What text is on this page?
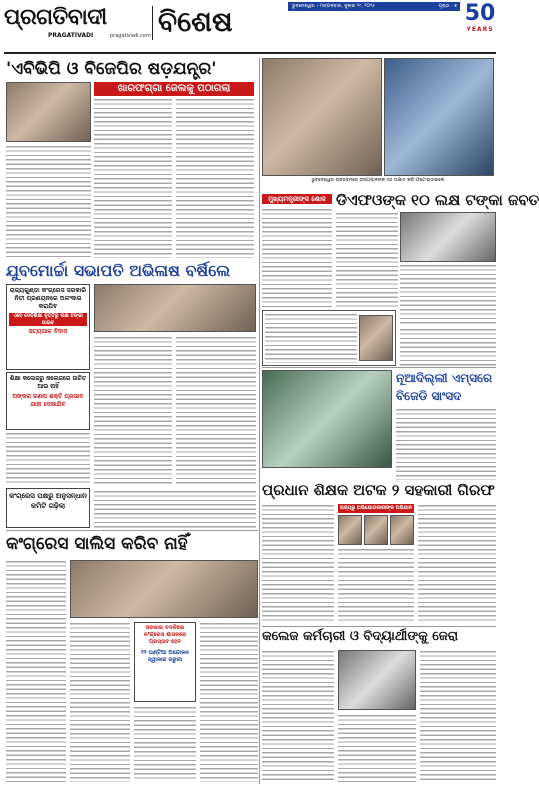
ପ୍ରଗତିବାଦୀ
PRAGATIVADI	pragativadi.com ବିଶେଷ	ଭୁବନେଶ୍ୱର । ମଙ୍ଗଳବାର, ଜୁଲାଇ ୨୯, ୨୦୨୫	ପୃଷ୍ଠା - ୭ 50
YEARS
'ଏବିଭିପି ଓ ବିଜେପିର ଷଡ଼ଯନ୍ତ୍ର'
ଖାରଫଗ୍ଗା ଜେଲକୁ ପଠାଗଲା
ଭୁବନେଶ୍ୱର ରାଜଭବନରେ ରାଜ୍ୟପାଳଙ୍କ ସହ ସାକ୍ଷାତ କରି ଫଟୋଉଠାଇଲେ
ମୁଖ୍ୟମନ୍ତ୍ରୀଙ୍କ ଶୋକ ଡିଏଫଓଙ୍କ ୧୦ ଲକ୍ଷ ଟଙ୍କା ଜବତ
ଯୁବମୋର୍ଚ୍ଚା ସଭାପତି ଅଭିଳାଷ ବର୍ଷିଲେ
ରାଜ୍ୟଗୁଣ୍ଡା କଂଗ୍ରେସ ସରକାରି ନିତୀ ପ୍ରଣୟନରେ ଅଳଂକାର କରାଯିବ
ଏବେ ଦେବିଶିକ୍ଷା ବୃତ୍ତିରୁ ଲକ୍ଷ ଟଙ୍କା ପାଇବ
ସତ୍ୟପାଳ ବିବାଦ
ଶିକ୍ଷା କଲେଜରୁ କଲେଜରେ ଉଚିତ ଆଉ ନାହିଁ
ଅଙ୍କର ଗଣନା ଶକ୍ତି ପ୍ରଭାବ ଯାହା ଦେଖାଯିବ
ନୂଆଦିଲ୍ଲୀ ଏମ୍ସରେ
ବିଜେଡି ସାଂସଦ
କଂଗ୍ରେସ ପକ୍ଷରୁ ଅନୁସନ୍ଧାନ କମିଟି ଗଢ଼ିଲା
ପ୍ରଧାନ ଶିକ୍ଷକ ଅଟକ ୨ ସହକାରୀ ଗିରଫ
ରାଜ୍ୟରୁ ଅଭିଯୋଗକାରୀଙ୍କ ଅଭିଯାନ
କଂଗ୍ରେସ ସାଲିସ କରିବ ନାହିଁ
ସରକାର ବଦଳିଲେ କଂଗ୍ରେସ ଶାସନରେ ପ୍ରସ୍ତାବ ହେବ
୧୨ ଘଣ୍ଟିଆ ଅନ୍ଦୋଳନ ସ୍ୱୀକାର ଜରୁରୀ
କଲେଜ କର୍ମଚାରୀ ଓ ବିଦ୍ୟାର୍ଥୀଙ୍କୁ ଜେରା
